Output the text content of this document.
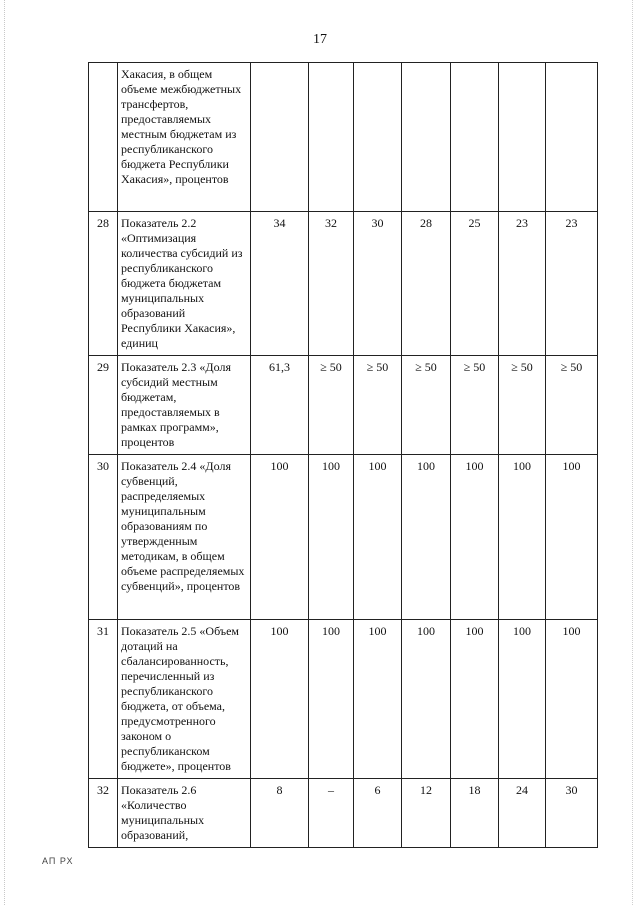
17
	Хакасия, в общем объеме межбюджетных трансфертов, предоставляемых местным бюджетам из республиканского бюджета Республики Хакасия», процентов							
28	Показатель 2.2 «Оптимизация количества субсидий из республиканского бюджета бюджетам муниципальных образований Республики Хакасия», единиц	34	32	30	28	25	23	23
29	Показатель 2.3 «Доля субсидий местным бюджетам, предоставляемых в рамках программ», процентов	61,3	≥ 50	≥ 50	≥ 50	≥ 50	≥ 50	≥ 50
30	Показатель 2.4 «Доля субвенций, распределяемых муниципальным образованиям по утвержденным методикам, в общем объеме распределяемых субвенций», процентов	100	100	100	100	100	100	100
31	Показатель 2.5 «Объем дотаций на сбалансированность, перечисленный из республиканского бюджета, от объема, предусмотренного законом о республиканском бюджете», процентов	100	100	100	100	100	100	100
32	Показатель 2.6 «Количество муниципальных образований,	8	–	6	12	18	24	30
АП РХ
